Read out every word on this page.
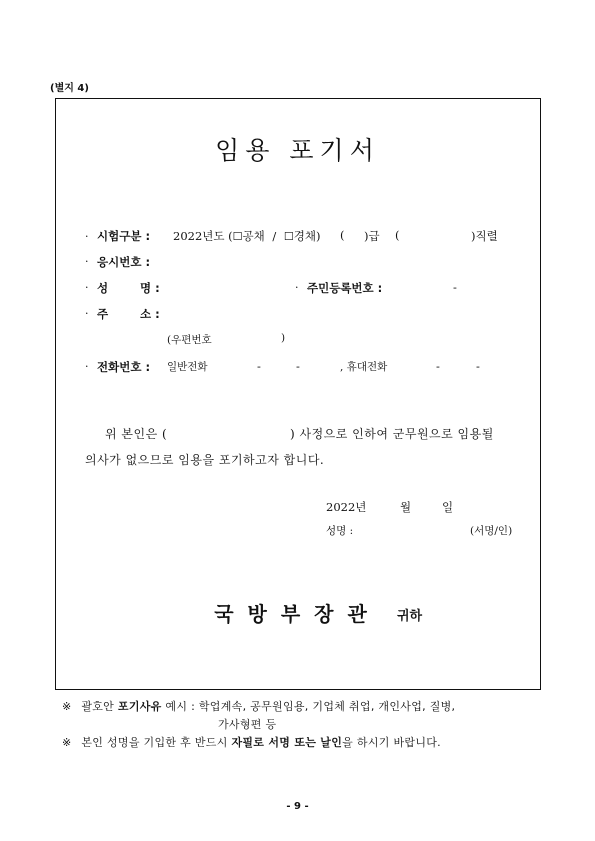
(별지 4)
임용 포기서
· 시험구분 : 2022년도 (☐공채 / ☐경채) ( )급 (	)직렬
· 응시번호 :
· 성	명 :	· 주민등록번호 :	-
· 주	소 :
(우편번호	)
· 전화번호 : 일반전화	-	-	, 휴대전화	-	-
위 본인은 (	) 사정으로 인하여 군무원으로 임용될
의사가 없으므로 임용을 포기하고자 합니다.
2022년	월	일
성명 :	(서명/인)
국방부장관	귀하
※ 괄호안 포기사유 예시 : 학업계속, 공무원임용, 기업체 취업, 개인사업, 질병,
가사형편 등
※ 본인 성명을 기입한 후 반드시 자필로 서명 또는 날인을 하시기 바랍니다.
- 9 -
